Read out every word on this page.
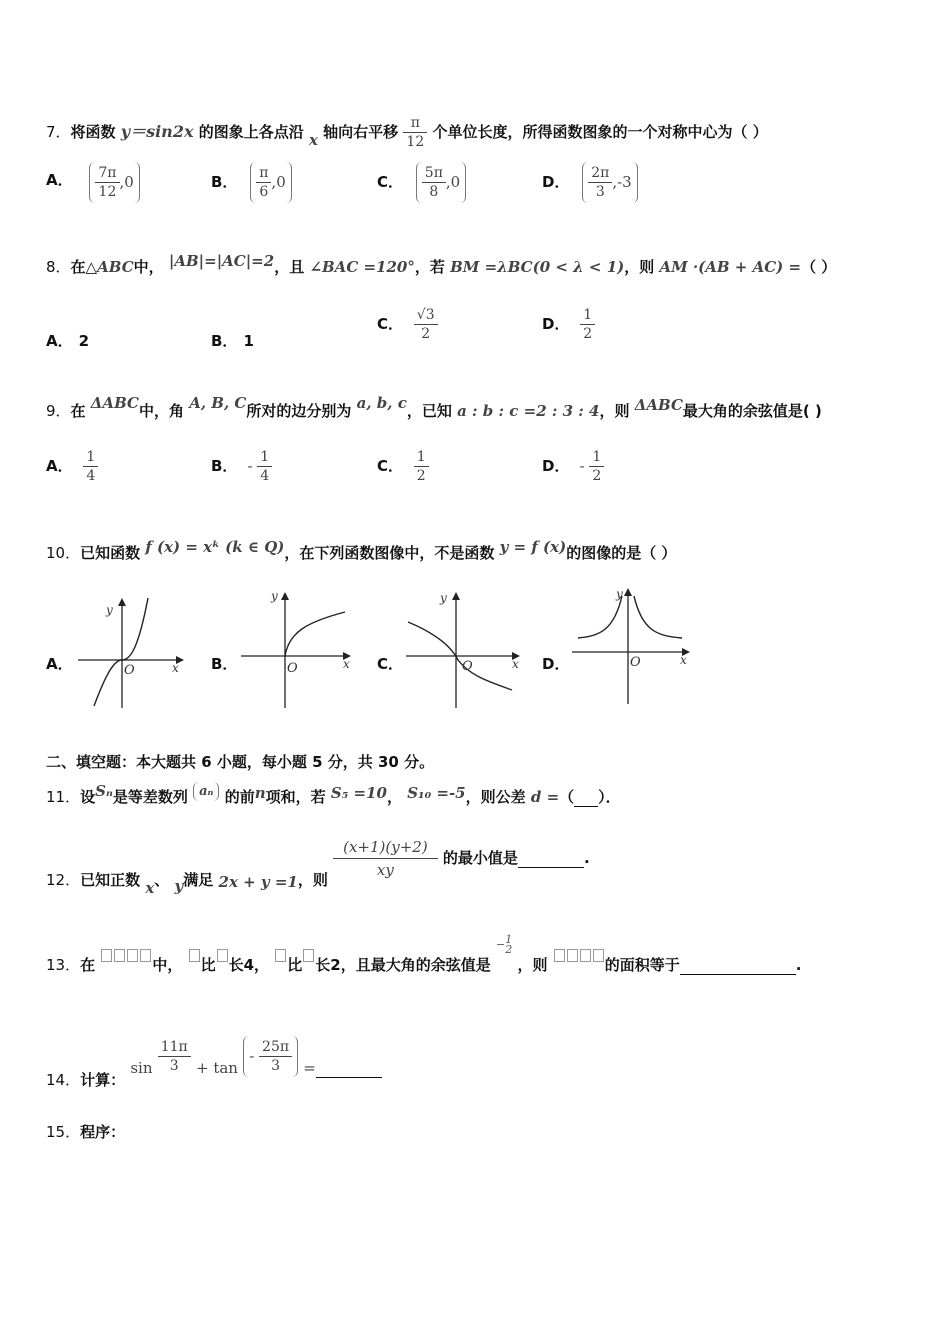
7．将函数 y＝sin2x 的图象上各点沿 x 轴向右平移 $\frac{\pi}{12}$ 个单位长度，所得函数图象的一个对称中心为（ ）
A． $\frac{7\pi}{12} ,0$	B． $\frac{\pi}{6} ,0$	C． $\frac{5\pi}{8} ,0$	D． $\frac{2\pi}{3} ,-3$
8．在△ABC中， |AB|=|AC|=2，且 ∠BAC =120°，若 BM =λBC(0 < λ < 1)，则 AM ·(AB + AC) =（ ）
A． 2	B． 1
C． $\frac{√3}{2}$	D． $\frac{1}{2}$
9．在 ΔABC中，角 A, B, C所对的边分别为 a, b, c，已知 a : b : c =2 : 3 : 4，则 ΔABC最大角的余弦值是( )
A． $\frac{1}{4}$	B． - $\frac{1}{4}$	C． $\frac{1}{2}$	D． - $\frac{1}{2}$
10．已知函数 f (x) = xᵏ (k ∈ Q)，在下列函数图像中，不是函数 y = f (x)的图像的是（ ）
A．	B．	C．	D．
y
x
O
y
x
O
y
x
O
y
x
O
二、填空题：本大题共 6 小题，每小题 5 分，共 30 分。
11．设Sₙ是等差数列 aₙ 的前n项和，若 S₅ =10， S₁₀ =-5，则公差 d =（ ）．
12．已知正数 x、 y满足 2x + y =1，则 $\frac{(x+1)(y+2)}{xy}$ 的最小值是	.
13．在	中， 比 长4， 比 长2，且最大角的余弦值是 − 1
2
，则	的面积等于	.
14．计算： $\sin \frac{11\pi}{3} + \tan - \frac{25\pi}{3}$ =
15．程序：
